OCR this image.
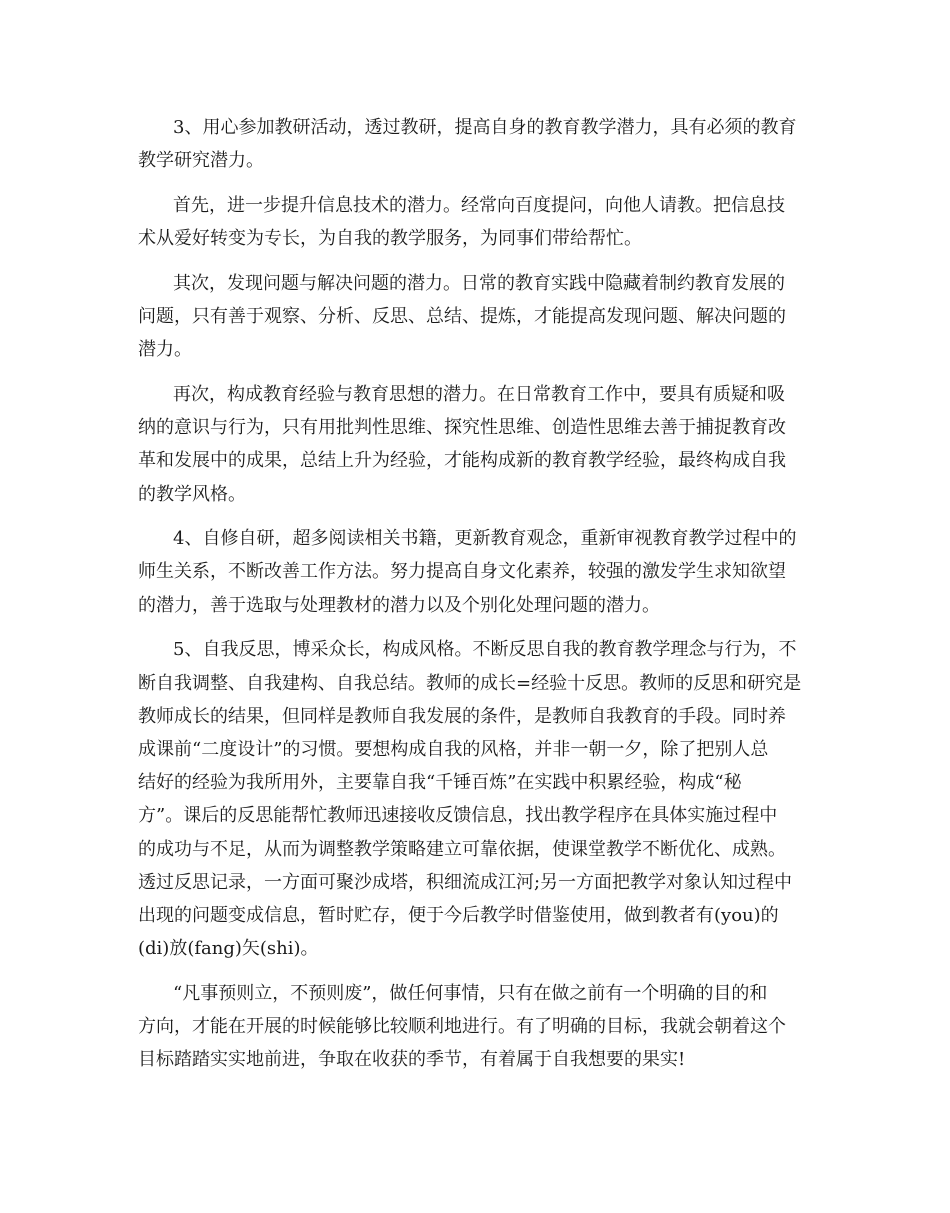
3、用心参加教研活动，透过教研，提高自身的教育教学潜力，具有必须的教育
教学研究潜力。
首先，进一步提升信息技术的潜力。经常向百度提问，向他人请教。把信息技
术从爱好转变为专长，为自我的教学服务，为同事们带给帮忙。
其次，发现问题与解决问题的潜力。日常的教育实践中隐藏着制约教育发展的
问题，只有善于观察、分析、反思、总结、提炼，才能提高发现问题、解决问题的
潜力。
再次，构成教育经验与教育思想的潜力。在日常教育工作中，要具有质疑和吸
纳的意识与行为，只有用批判性思维、探究性思维、创造性思维去善于捕捉教育改
革和发展中的成果，总结上升为经验，才能构成新的教育教学经验，最终构成自我
的教学风格。
4、自修自研，超多阅读相关书籍，更新教育观念，重新审视教育教学过程中的
师生关系，不断改善工作方法。努力提高自身文化素养，较强的激发学生求知欲望
的潜力，善于选取与处理教材的潜力以及个别化处理问题的潜力。
5、自我反思，博采众长，构成风格。不断反思自我的教育教学理念与行为，不
断自我调整、自我建构、自我总结。教师的成长=经验十反思。教师的反思和研究是
教师成长的结果，但同样是教师自我发展的条件，是教师自我教育的手段。同时养
成课前“二度设计”的习惯。要想构成自我的风格，并非一朝一夕，除了把别人总
结好的经验为我所用外，主要靠自我“千锤百炼”在实践中积累经验，构成“秘
方”。课后的反思能帮忙教师迅速接收反馈信息，找出教学程序在具体实施过程中
的成功与不足，从而为调整教学策略建立可靠依据，使课堂教学不断优化、成熟。
透过反思记录，一方面可聚沙成塔，积细流成江河;另一方面把教学对象认知过程中
出现的问题变成信息，暂时贮存，便于今后教学时借鉴使用，做到教者有(you)的
(di)放(fang)矢(shi)。
“凡事预则立，不预则废”，做任何事情，只有在做之前有一个明确的目的和
方向，才能在开展的时候能够比较顺利地进行。有了明确的目标，我就会朝着这个
目标踏踏实实地前进，争取在收获的季节，有着属于自我想要的果实!
